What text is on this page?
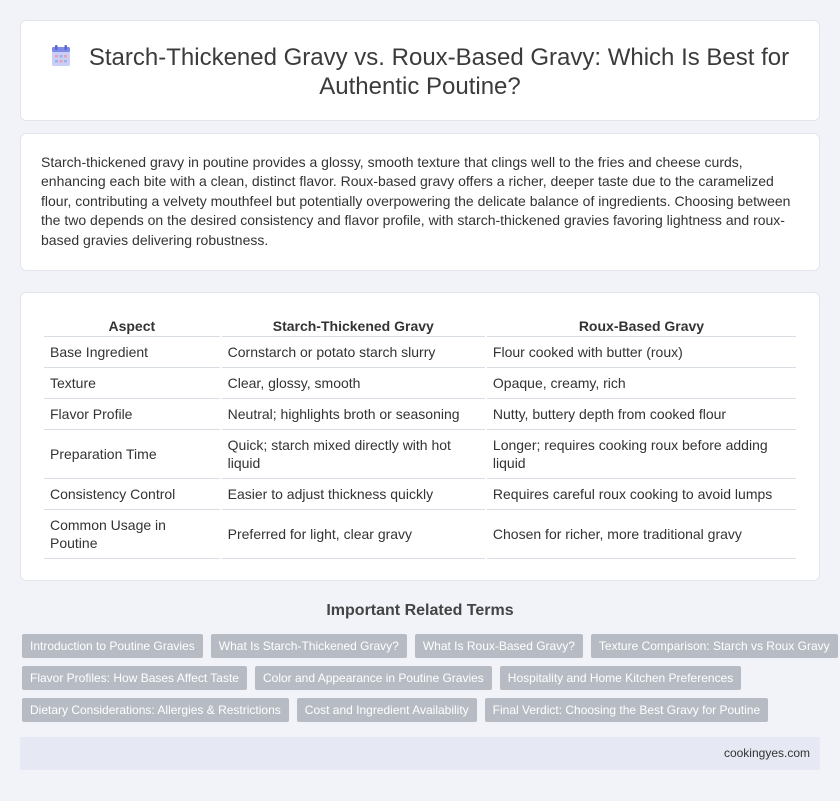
Starch-Thickened Gravy vs. Roux-Based Gravy: Which Is Best for Authentic Poutine?

Starch-thickened gravy in poutine provides a glossy, smooth texture that clings well to the fries and cheese curds, enhancing each bite with a clean, distinct flavor. Roux-based gravy offers a richer, deeper taste due to the caramelized flour, contributing a velvety mouthfeel but potentially overpowering the delicate balance of ingredients. Choosing between the two depends on the desired consistency and flavor profile, with starch-thickened gravies favoring lightness and roux-based gravies delivering robustness.

Aspect	Starch-Thickened Gravy	Roux-Based Gravy
Base Ingredient	Cornstarch or potato starch slurry	Flour cooked with butter (roux)
Texture	Clear, glossy, smooth	Opaque, creamy, rich
Flavor Profile	Neutral; highlights broth or seasoning	Nutty, buttery depth from cooked flour
Preparation Time	Quick; starch mixed directly with hot liquid	Longer; requires cooking roux before adding liquid
Consistency Control	Easier to adjust thickness quickly	Requires careful roux cooking to avoid lumps
Common Usage in Poutine	Preferred for light, clear gravy	Chosen for richer, more traditional gravy
Important Related Terms
Introduction to Poutine Gravies	What Is Starch-Thickened Gravy?	What Is Roux-Based Gravy?	Texture Comparison: Starch vs Roux Gravy
Flavor Profiles: How Bases Affect Taste	Color and Appearance in Poutine Gravies	Hospitality and Home Kitchen Preferences
Dietary Considerations: Allergies & Restrictions	Cost and Ingredient Availability	Final Verdict: Choosing the Best Gravy for Poutine
cookingyes.com
